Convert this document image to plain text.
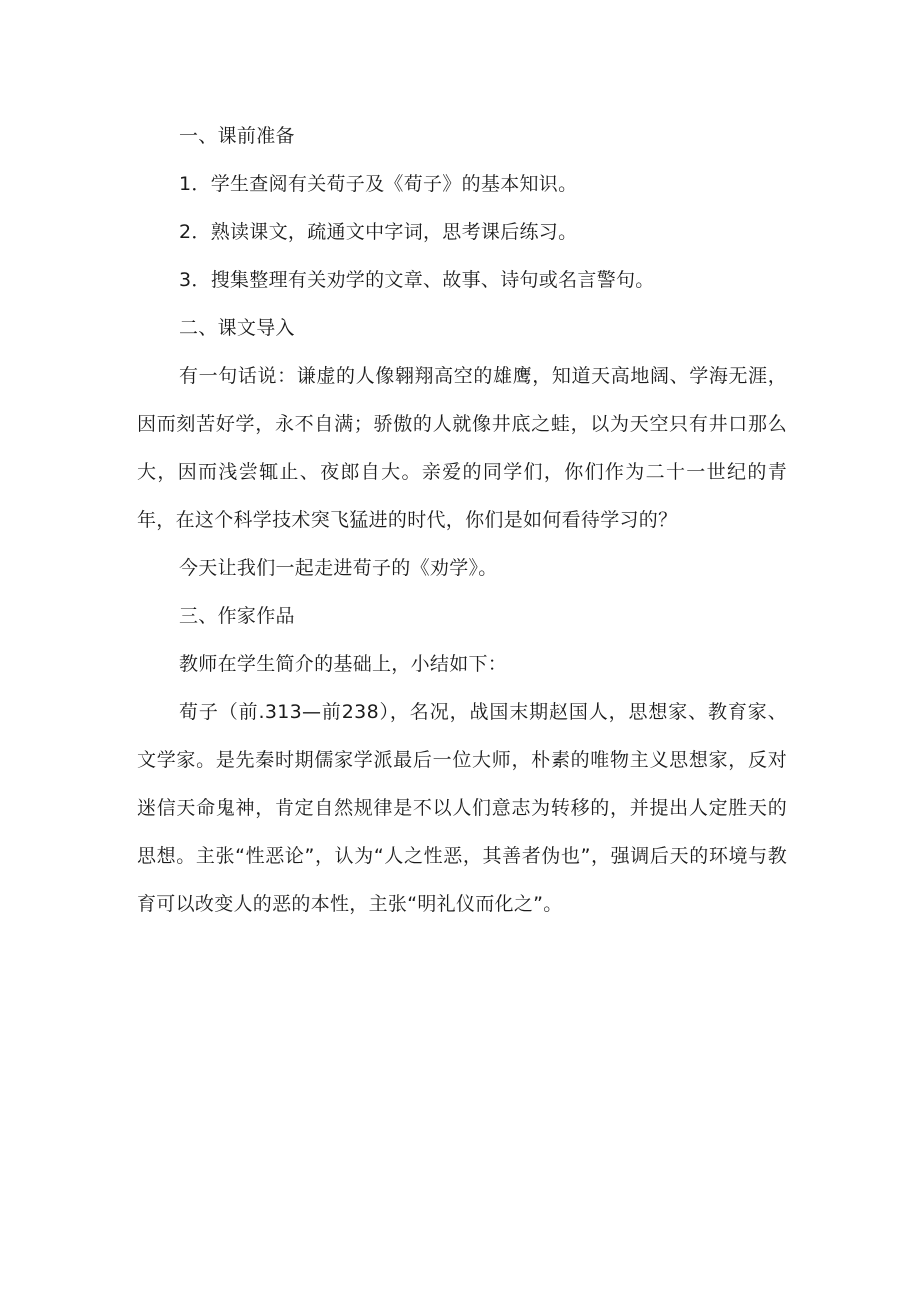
一、课前准备
1．学生查阅有关荀子及《荀子》的基本知识。
2．熟读课文，疏通文中字词，思考课后练习。
3．搜集整理有关劝学的文章、故事、诗句或名言警句。
二、课文导入
有一句话说：谦虚的人像翱翔高空的雄鹰，知道天高地阔、学海无涯，因而刻苦好学，永不自满；骄傲的人就像井底之蛙，以为天空只有井口那么大，因而浅尝辄止、夜郎自大。亲爱的同学们，你们作为二十一世纪的青年，在这个科学技术突飞猛进的时代，你们是如何看待学习的？
今天让我们一起走进荀子的《劝学》。
三、作家作品
教师在学生简介的基础上，小结如下：
荀子（前.313—前238），名况，战国末期赵国人，思想家、教育家、文学家。是先秦时期儒家学派最后一位大师，朴素的唯物主义思想家，反对迷信天命鬼神，肯定自然规律是不以人们意志为转移的，并提出人定胜天的思想。主张“性恶论”，认为“人之性恶，其善者伪也”，强调后天的环境与教育可以改变人的恶的本性，主张“明礼仪而化之”。
